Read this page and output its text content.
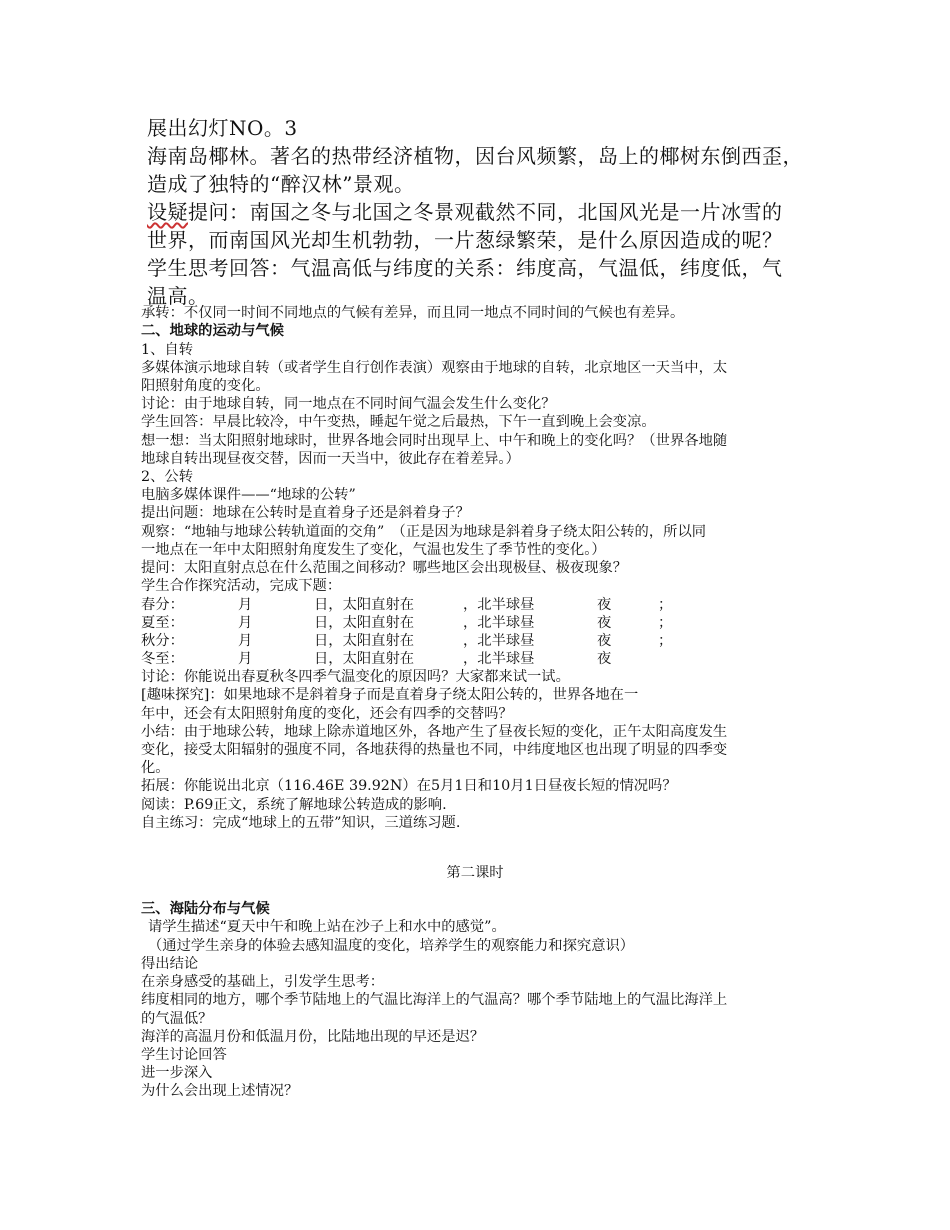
展出幻灯NO。3
海南岛椰林。著名的热带经济植物，因台风频繁，岛上的椰树东倒西歪，
造成了独特的“醉汉林”景观。
设疑提问：南国之冬与北国之冬景观截然不同，北国风光是一片冰雪的
世界，而南国风光却生机勃勃，一片葱绿繁荣，是什么原因造成的呢？
学生思考回答：气温高低与纬度的关系：纬度高，气温低，纬度低，气
温高。
承转：不仅同一时间不同地点的气候有差异，而且同一地点不同时间的气候也有差异。
二、地球的运动与气候
1、自转
多媒体演示地球自转（或者学生自行创作表演）观察由于地球的自转，北京地区一天当中，太
阳照射角度的变化。
讨论：由于地球自转，同一地点在不同时间气温会发生什么变化？
学生回答：早晨比较冷，中午变热，睡起午觉之后最热，下午一直到晚上会变凉。
想一想：当太阳照射地球时，世界各地会同时出现早上、中午和晚上的变化吗？（世界各地随
地球自转出现昼夜交替，因而一天当中，彼此存在着差异。）
2、公转
电脑多媒体课件——“地球的公转”
提出问题：地球在公转时是直着身子还是斜着身子？
观察：“地轴与地球公转轨道面的交角”　（正是因为地球是斜着身子绕太阳公转的，所以同
一地点在一年中太阳照射角度发生了变化，气温也发生了季节性的变化。）
提问：太阳直射点总在什么范围之间移动？哪些地区会出现极昼、极夜现象？
学生合作探究活动，完成下题：
春分：	月	日，太阳直射在	，北半球昼	夜	；
夏至：	月	日，太阳直射在	，北半球昼	夜	；
秋分：	月	日，太阳直射在	，北半球昼	夜	；
冬至：	月	日，太阳直射在	，北半球昼	夜
讨论：你能说出春夏秋冬四季气温变化的原因吗？大家都来试一试。
[趣味探究]：如果地球不是斜着身子而是直着身子绕太阳公转的，世界各地在一
年中，还会有太阳照射角度的变化，还会有四季的交替吗？
小结：由于地球公转，地球上除赤道地区外，各地产生了昼夜长短的变化，正午太阳高度发生
变化，接受太阳辐射的强度不同，各地获得的热量也不同，中纬度地区也出现了明显的四季变
化。
拓展：你能说出北京（116.46E 39.92N）在5月1日和10月1日昼夜长短的情况吗？
阅读：P.69正文，系统了解地球公转造成的影响.
自主练习：完成“地球上的五带”知识，三道练习题.
第二课时
三、海陆分布与气候
请学生描述“夏天中午和晚上站在沙子上和水中的感觉”。
（通过学生亲身的体验去感知温度的变化，培养学生的观察能力和探究意识）
得出结论
在亲身感受的基础上，引发学生思考：
纬度相同的地方，哪个季节陆地上的气温比海洋上的气温高？哪个季节陆地上的气温比海洋上
的气温低？
海洋的高温月份和低温月份，比陆地出现的早还是迟？
学生讨论回答
进一步深入
为什么会出现上述情况？
